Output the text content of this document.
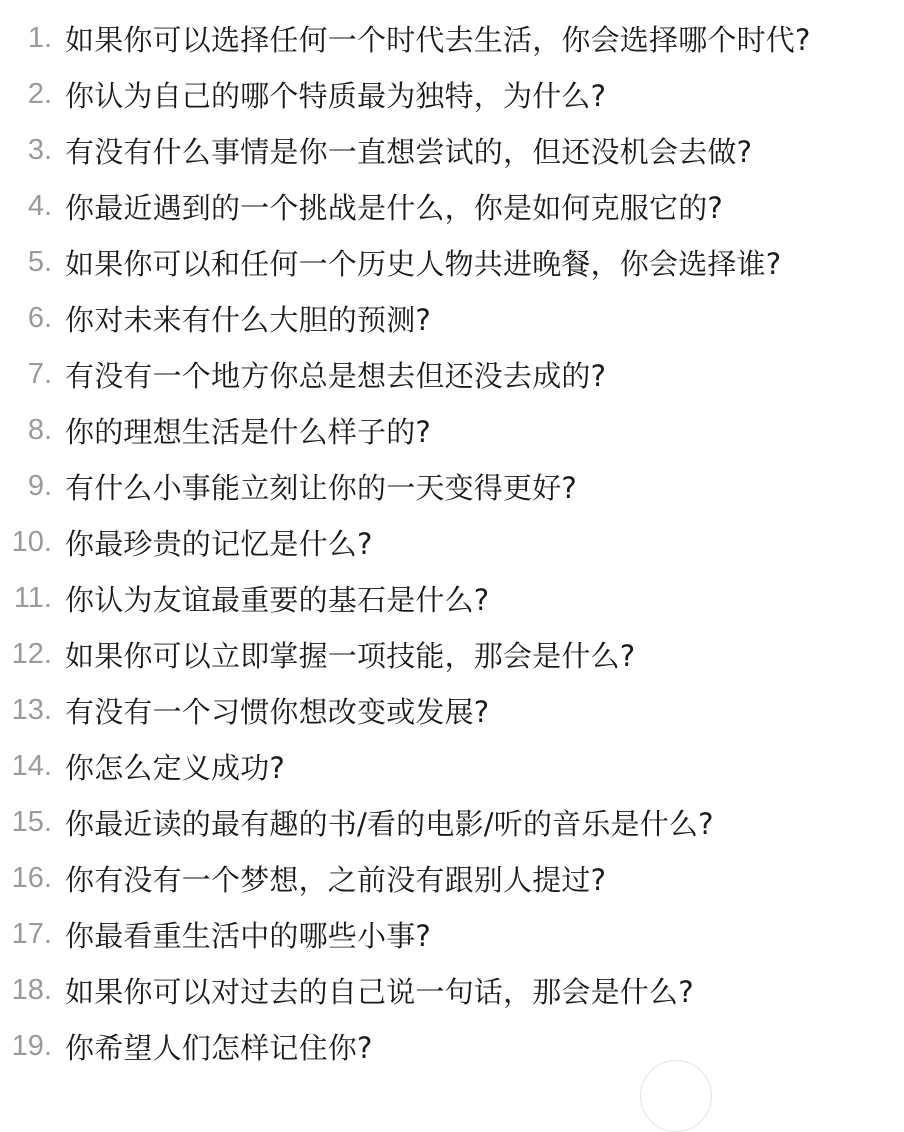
1. 如果你可以选择任何一个时代去生活，你会选择哪个时代?
2. 你认为自己的哪个特质最为独特，为什么?
3. 有没有什么事情是你一直想尝试的，但还没机会去做?
4. 你最近遇到的一个挑战是什么，你是如何克服它的?
5. 如果你可以和任何一个历史人物共进晚餐，你会选择谁?
6. 你对未来有什么大胆的预测?
7. 有没有一个地方你总是想去但还没去成的?
8. 你的理想生活是什么样子的?
9. 有什么小事能立刻让你的一天变得更好?
10. 你最珍贵的记忆是什么?
11. 你认为友谊最重要的基石是什么?
12. 如果你可以立即掌握一项技能，那会是什么?
13. 有没有一个习惯你想改变或发展?
14. 你怎么定义成功?
15. 你最近读的最有趣的书/看的电影/听的音乐是什么?
16. 你有没有一个梦想，之前没有跟别人提过?
17. 你最看重生活中的哪些小事?
18. 如果你可以对过去的自己说一句话，那会是什么?
19. 你希望人们怎样记住你?
